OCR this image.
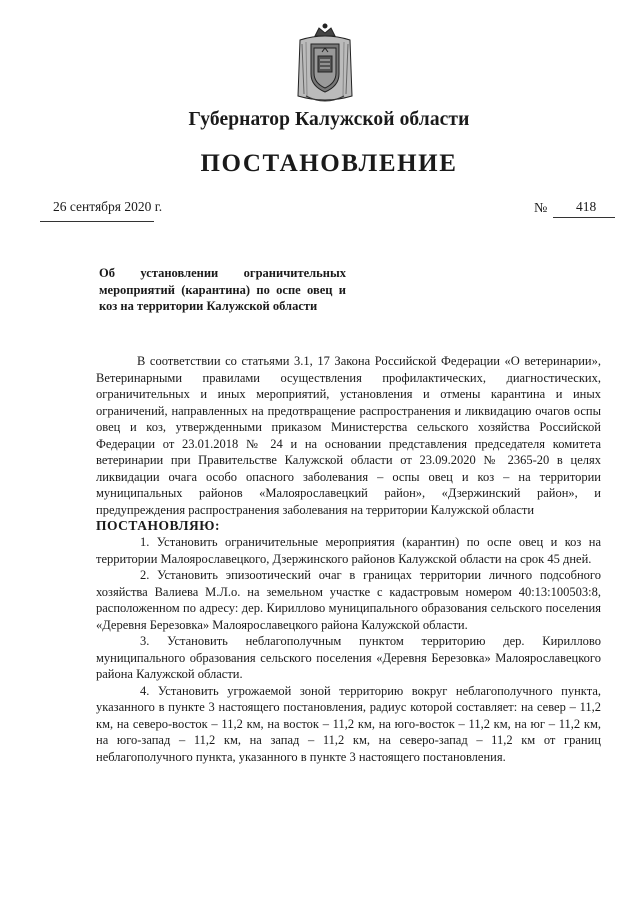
Губернатор Калужской области
ПОСТАНОВЛЕНИЕ
26 сентября 2020 г.	№ 418
Об установлении ограничительных мероприятий (карантина) по оспе овец и коз на территории Калужской области

В соответствии со статьями 3.1, 17 Закона Российской Федерации «О ветеринарии», Ветеринарными правилами осуществления профилактических, диагностических, ограничительных и иных мероприятий, установления и отмены карантина и иных ограничений, направленных на предотвращение распространения и ликвидацию очагов оспы овец и коз, утвержденными приказом Министерства сельского хозяйства Российской Федерации от 23.01.2018 № 24 и на основании представления председателя комитета ветеринарии при Правительстве Калужской области от 23.09.2020 № 2365-20 в целях ликвидации очага особо опасного заболевания – оспы овец и коз – на территории муниципальных районов «Малоярославецкий район», «Дзержинский район», и предупреждения распространения заболевания на территории Калужской области

ПОСТАНОВЛЯЮ:

1. Установить ограничительные мероприятия (карантин) по оспе овец и коз на территории Малоярославецкого, Дзержинского районов Калужской области на срок 45 дней.

2. Установить эпизоотический очаг в границах территории личного подсобного хозяйства Валиева М.Л.о. на земельном участке с кадастровым номером 40:13:100503:8, расположенном по адресу: дер. Кириллово муниципального образования сельского поселения «Деревня Березовка» Малоярославецкого района Калужской области.

3. Установить неблагополучным пунктом территорию дер. Кириллово муниципального образования сельского поселения «Деревня Березовка» Малоярославецкого района Калужской области.

4. Установить угрожаемой зоной территорию вокруг неблагополучного пункта, указанного в пункте 3 настоящего постановления, радиус которой составляет: на север – 11,2 км, на северо-восток – 11,2 км, на восток – 11,2 км, на юго-восток – 11,2 км, на юг – 11,2 км, на юго-запад – 11,2 км, на запад – 11,2 км, на северо-запад – 11,2 км от границ неблагополучного пункта, указанного в пункте 3 настоящего постановления.
